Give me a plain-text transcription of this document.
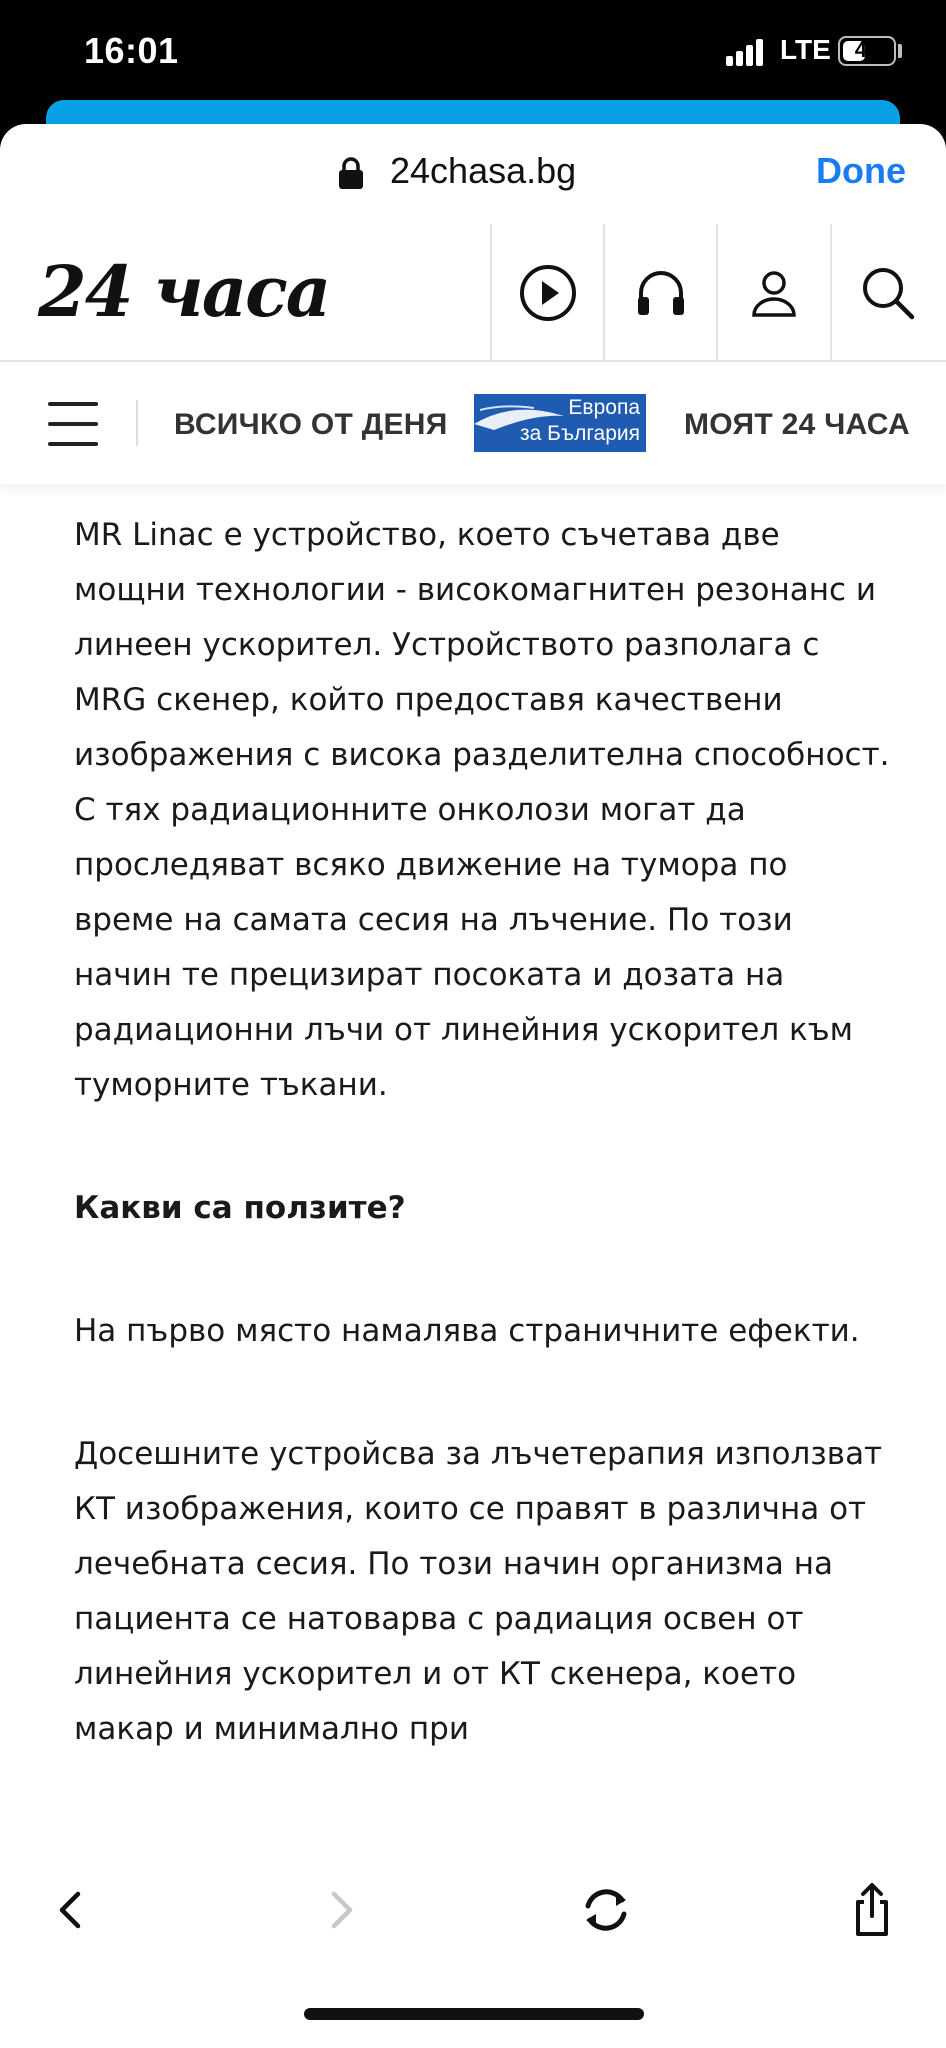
16:01	LTE	45
24chasa.bg	Done
24 часа
ВСИЧКО ОТ ДЕНЯ
Европа
за България МОЯТ 24 ЧАСА

MR Linac е устройство, което съчетава две мощни технологии - високомагнитен резонанс и линеен ускорител. Устройството разполага с MRG скенер, който предоставя качествени изображения с висока разделителна способност. С тях радиационните онколози могат да проследяват всяко движение на тумора по време на самата сесия на лъчение. По този начин те прецизират посоката и дозата на радиационни лъчи от линейния ускорител към туморните тъкани.

Какви са ползите?

На първо място намалява страничните ефекти.

Досешните устройсва за лъчетерапия използват КТ изображения, които се правят в различна от лечебната сесия. По този начин организма на пациента се натоварва с радиация освен от линейния ускорител и от КТ скенера, което макар и минимално при
